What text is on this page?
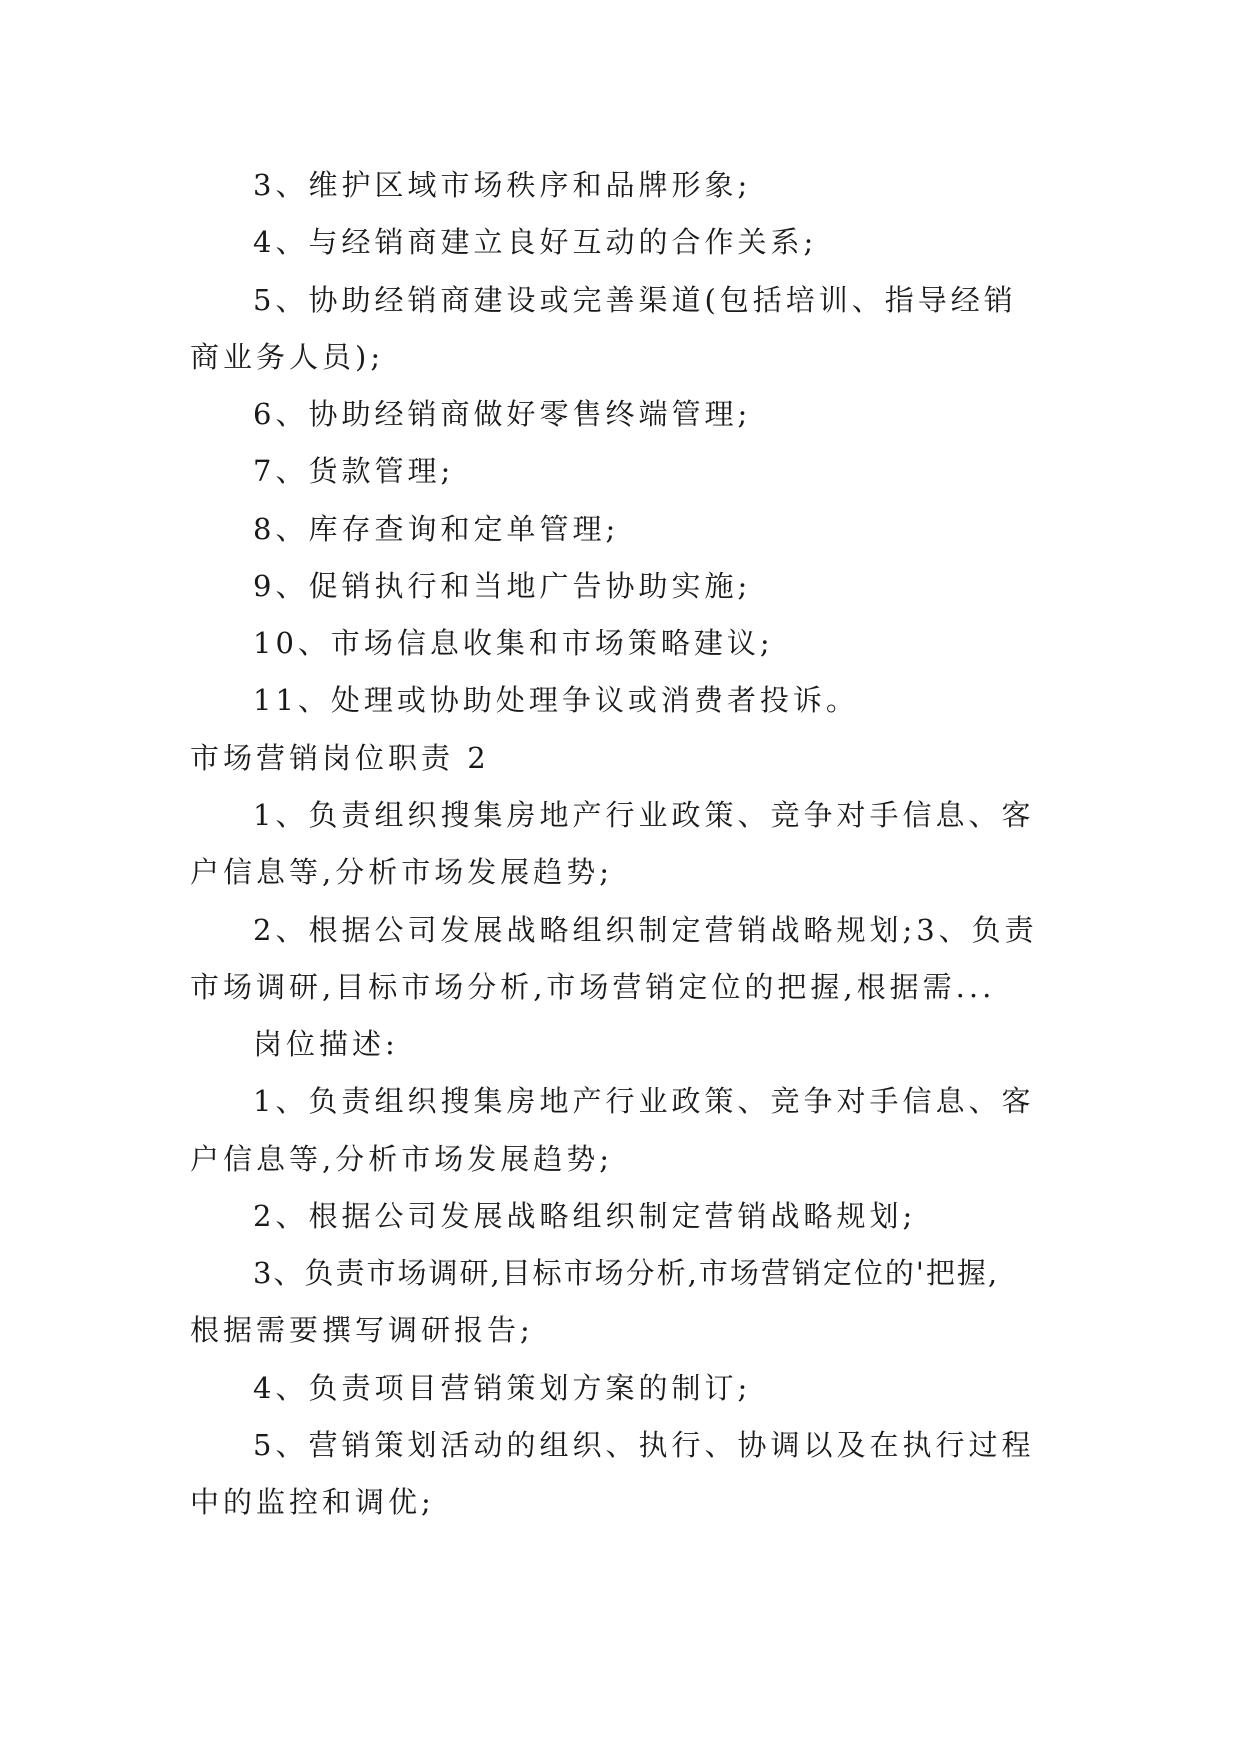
3、维护区域市场秩序和品牌形象;
4、与经销商建立良好互动的合作关系;
5、协助经销商建设或完善渠道(包括培训、指导经销
商业务人员);
6、协助经销商做好零售终端管理;
7、货款管理;
8、库存查询和定单管理;
9、促销执行和当地广告协助实施;
10、市场信息收集和市场策略建议;
11、处理或协助处理争议或消费者投诉。
市场营销岗位职责 2
1、负责组织搜集房地产行业政策、竞争对手信息、客
户信息等,分析市场发展趋势;
2、根据公司发展战略组织制定营销战略规划;3、负责
市场调研,目标市场分析,市场营销定位的把握,根据需...
岗位描述:
1、负责组织搜集房地产行业政策、竞争对手信息、客
户信息等,分析市场发展趋势;
2、根据公司发展战略组织制定营销战略规划;
3、负责市场调研,目标市场分析,市场营销定位的'把握,
根据需要撰写调研报告;
4、负责项目营销策划方案的制订;
5、营销策划活动的组织、执行、协调以及在执行过程
中的监控和调优;
